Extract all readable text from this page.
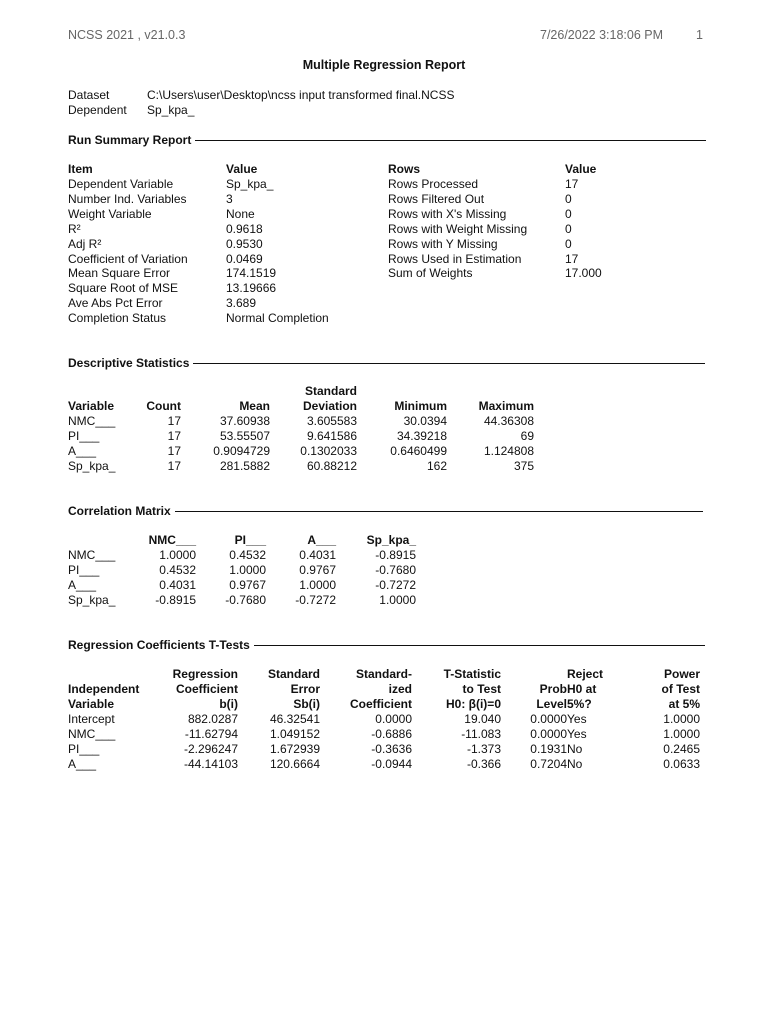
NCSS 2021 , v21.0.3	7/26/2022 3:18:06 PM	1
Multiple Regression Report
Dataset	C:\Users\user\Desktop\ncss input transformed final.NCSS
Dependent Sp_kpa_
Run Summary Report
Item	Value
Dependent Variable	Sp_kpa_
Number Ind. Variables	3
Weight Variable	None
R²	0.9618
Adj R²	0.9530
Coefficient of Variation	0.0469
Mean Square Error	174.1519
Square Root of MSE	13.19666
Ave Abs Pct Error	3.689
Completion Status	Normal Completion
Rows	Value
Rows Processed	17
Rows Filtered Out	0
Rows with X's Missing	0
Rows with Weight Missing	0
Rows with Y Missing	0
Rows Used in Estimation	17
Sum of Weights	17.000
Descriptive Statistics
			Standard		
Variable	Count	Mean	Deviation	Minimum	Maximum
NMC___	17	37.60938	3.605583	30.0394	44.36308
PI___	17	53.55507	9.641586	34.39218	69
A___	17	0.9094729	0.1302033	0.6460499	1.124808
Sp_kpa_	17	281.5882	60.88212	162	375
Correlation Matrix
	NMC___	PI___	A___	Sp_kpa_
NMC___	1.0000	0.4532	0.4031	-0.8915
PI___	0.4532	1.0000	0.9767	-0.7680
A___	0.4031	0.9767	1.0000	-0.7272
Sp_kpa_	-0.8915	-0.7680	-0.7272	1.0000
Regression Coefficients T-Tests
	Regression	Standard	Standard-	T-Statistic		Reject	Power
Independent	Coefficient	Error	ized	to Test	Prob	H0 at	of Test
Variable	b(i)	Sb(i)	Coefficient	H0: β(i)=0	Level	5%?	at 5%
Intercept	882.0287	46.32541	0.0000	19.040	0.0000	Yes	1.0000
NMC___	-11.62794	1.049152	-0.6886	-11.083	0.0000	Yes	1.0000
PI___	-2.296247	1.672939	-0.3636	-1.373	0.1931	No	0.2465
A___	-44.14103	120.6664	-0.0944	-0.366	0.7204	No	0.0633
